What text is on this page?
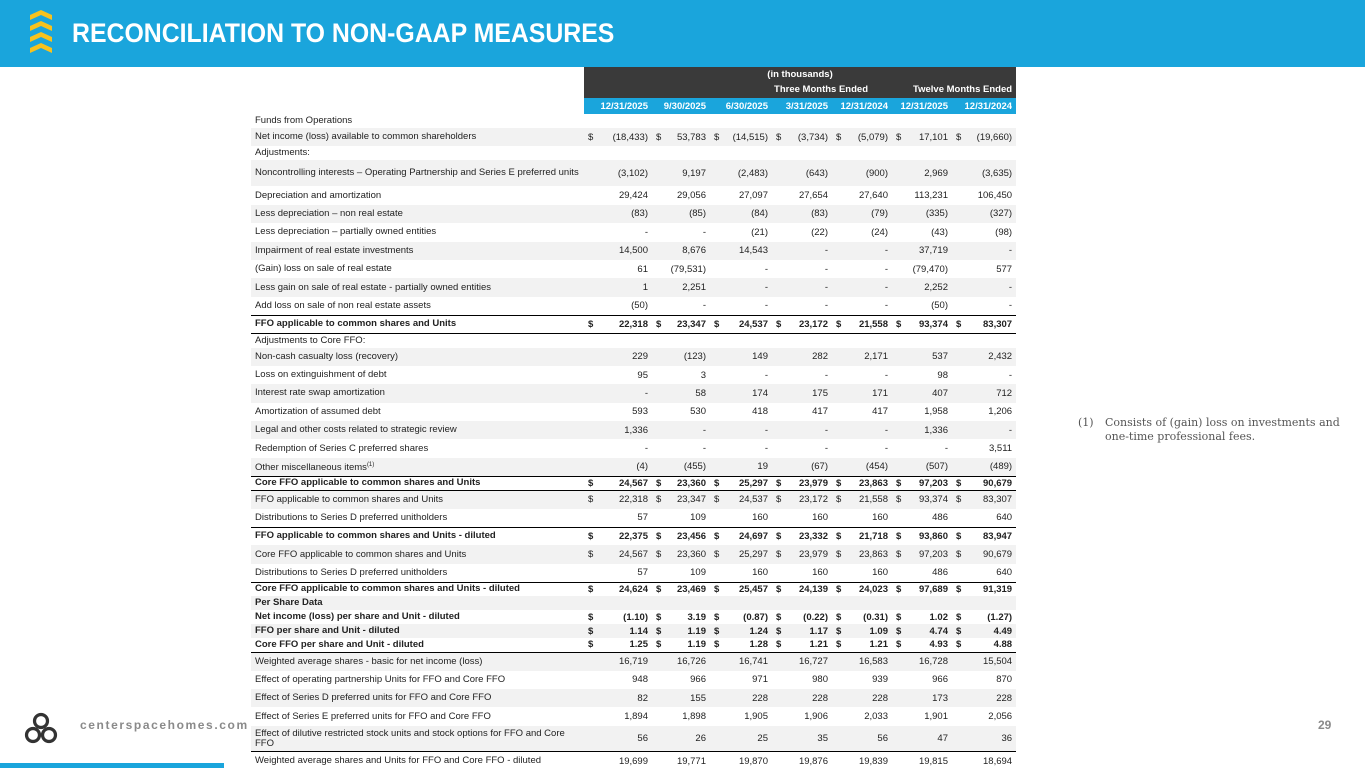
RECONCILIATION TO NON-GAAP MEASURES
	(in thousands)						
	Three Months Ended					Twelve Months Ended	
	12/31/2025	9/30/2025	6/30/2025	3/31/2025	12/31/2024	12/31/2025	12/31/2024
Funds from Operations							
Net income (loss) available to common shareholders	$ (18,433)	$ 53,783	$ (14,515)	$ (3,734)	$ (5,079)	$ 17,101	$ (19,660)
Adjustments:							
Noncontrolling interests – Operating Partnership and Series E preferred units	(3,102)	9,197	(2,483)	(643)	(900)	2,969	(3,635)
Depreciation and amortization	29,424	29,056	27,097	27,654	27,640	113,231	106,450
Less depreciation – non real estate	(83)	(85)	(84)	(83)	(79)	(335)	(327)
Less depreciation – partially owned entities	-	-	(21)	(22)	(24)	(43)	(98)
Impairment of real estate investments	14,500	8,676	14,543	-	-	37,719	-
(Gain) loss on sale of real estate	61	(79,531)	-	-	-	(79,470)	577
Less gain on sale of real estate - partially owned entities	1	2,251	-	-	-	2,252	-
Add loss on sale of non real estate assets	(50)	-	-	-	-	(50)	-
FFO applicable to common shares and Units	$ 22,318	$ 23,347	$ 24,537	$ 23,172	$ 21,558	$ 93,374	$ 83,307
Adjustments to Core FFO:							
Non-cash casualty loss (recovery)	229	(123)	149	282	2,171	537	2,432
Loss on extinguishment of debt	95	3	-	-	-	98	-
Interest rate swap amortization	-	58	174	175	171	407	712
Amortization of assumed debt	593	530	418	417	417	1,958	1,206
Legal and other costs related to strategic review	1,336	-	-	-	-	1,336	-
Redemption of Series C preferred shares	-	-	-	-	-	-	3,511
Other miscellaneous items$^{(1)}$	(4)	(455)	19	(67)	(454)	(507)	(489)
Core FFO applicable to common shares and Units	$ 24,567	$ 23,360	$ 25,297	$ 23,979	$ 23,863	$ 97,203	$ 90,679
FFO applicable to common shares and Units	$ 22,318	$ 23,347	$ 24,537	$ 23,172	$ 21,558	$ 93,374	$ 83,307
Distributions to Series D preferred unitholders	57	109	160	160	160	486	640
FFO applicable to common shares and Units - diluted	$ 22,375	$ 23,456	$ 24,697	$ 23,332	$ 21,718	$ 93,860	$ 83,947
Core FFO applicable to common shares and Units	$ 24,567	$ 23,360	$ 25,297	$ 23,979	$ 23,863	$ 97,203	$ 90,679
Distributions to Series D preferred unitholders	57	109	160	160	160	486	640
Core FFO applicable to common shares and Units - diluted	$ 24,624	$ 23,469	$ 25,457	$ 24,139	$ 24,023	$ 97,689	$ 91,319
Per Share Data							
Net income (loss) per share and Unit - diluted	$ (1.10)	$ 3.19	$ (0.87)	$ (0.22)	$ (0.31)	$ 1.02	$ (1.27)
FFO per share and Unit - diluted	$ 1.14	$ 1.19	$ 1.24	$ 1.17	$ 1.09	$ 4.74	$ 4.49
Core FFO per share and Unit - diluted	$ 1.25	$ 1.19	$ 1.28	$ 1.21	$ 1.21	$ 4.93	$ 4.88
Weighted average shares - basic for net income (loss)	16,719	16,726	16,741	16,727	16,583	16,728	15,504
Effect of operating partnership Units for FFO and Core FFO	948	966	971	980	939	966	870
Effect of Series D preferred units for FFO and Core FFO	82	155	228	228	228	173	228
Effect of Series E preferred units for FFO and Core FFO	1,894	1,898	1,905	1,906	2,033	1,901	2,056
Effect of dilutive restricted stock units and stock options for FFO and Core FFO	56	26	25	35	56	47	36
Weighted average shares and Units for FFO and Core FFO - diluted	19,699	19,771	19,870	19,876	19,839	19,815	18,694
(1) Consists of (gain) loss on investments and one-time professional fees.
centerspacehomes.com	29
